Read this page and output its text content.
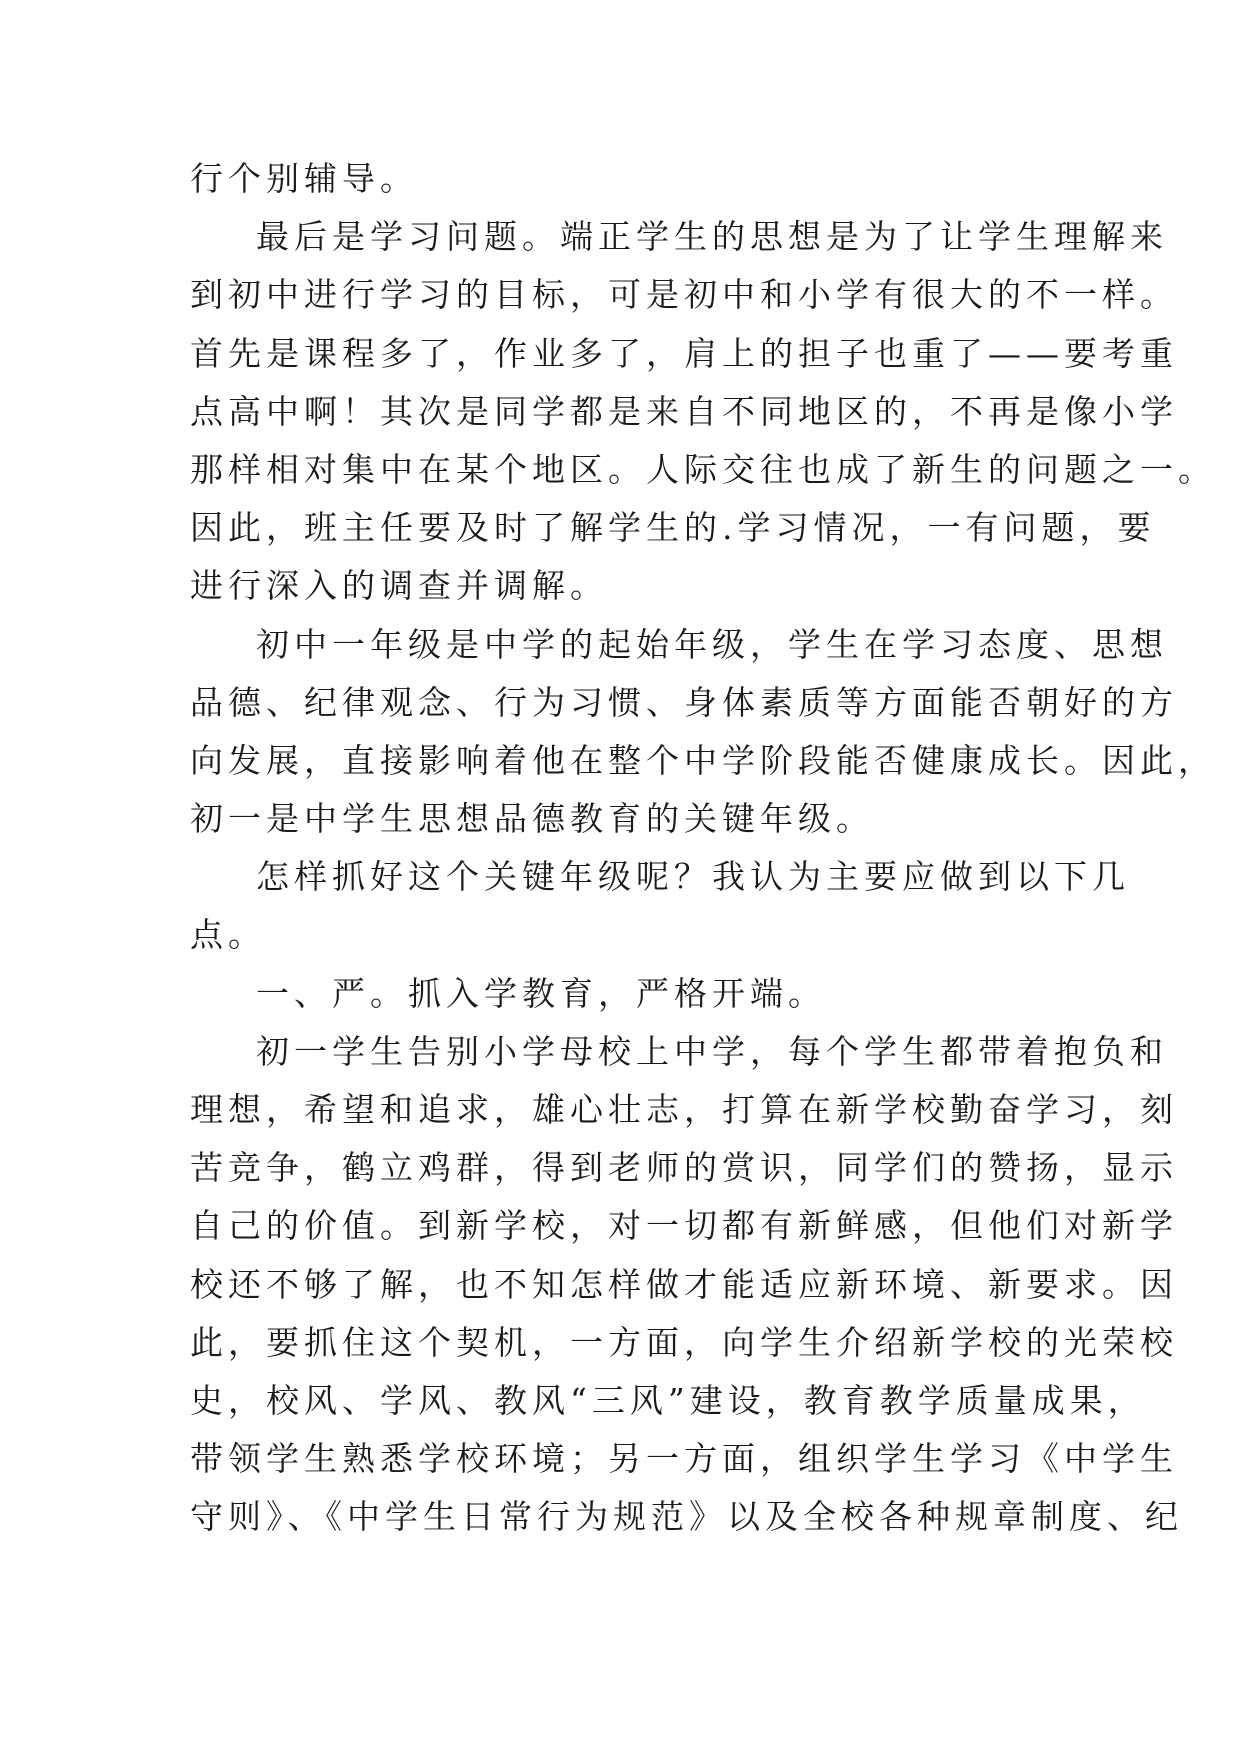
行个别辅导。
最后是学习问题。端正学生的思想是为了让学生理解来
到初中进行学习的目标，可是初中和小学有很大的不一样。
首先是课程多了，作业多了，肩上的担子也重了——要考重
点高中啊！其次是同学都是来自不同地区的，不再是像小学
那样相对集中在某个地区。人际交往也成了新生的问题之一。
因此，班主任要及时了解学生的.学习情况，一有问题，要
进行深入的调查并调解。
初中一年级是中学的起始年级，学生在学习态度、思想
品德、纪律观念、行为习惯、身体素质等方面能否朝好的方
向发展，直接影响着他在整个中学阶段能否健康成长。因此，
初一是中学生思想品德教育的关键年级。
怎样抓好这个关键年级呢？我认为主要应做到以下几
点。
一、严。抓入学教育，严格开端。
初一学生告别小学母校上中学，每个学生都带着抱负和
理想，希望和追求，雄心壮志，打算在新学校勤奋学习，刻
苦竞争，鹤立鸡群，得到老师的赏识，同学们的赞扬，显示
自己的价值。到新学校，对一切都有新鲜感，但他们对新学
校还不够了解，也不知怎样做才能适应新环境、新要求。因
此，要抓住这个契机，一方面，向学生介绍新学校的光荣校
史，校风、学风、教风“三风”建设，教育教学质量成果，
带领学生熟悉学校环境；另一方面，组织学生学习《中学生
守则》、《中学生日常行为规范》以及全校各种规章制度、纪
